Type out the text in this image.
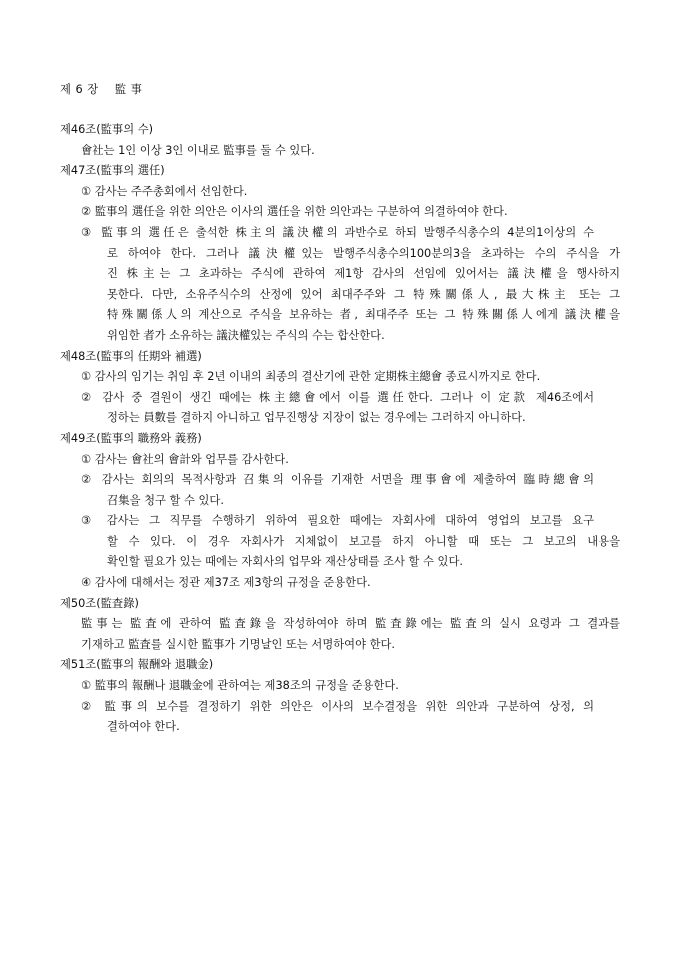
제 6 장 監 事
제46조(監事의 수)
會社는 1인 이상 3인 이내로 監事를 둘 수 있다.
제47조(監事의 選任)
① 감사는 주주총회에서 선임한다.
② 監事의 選任을 위한 의안은 이사의 選任을 위한 의안과는 구분하여 의결하여야 한다.
③ 監事의 選任은 출석한 株主의 議決權의 과반수로 하되 발행주식총수의 4분의1이상의 수
로 하여야 한다. 그러나 議決權있는 발행주식총수의100분의3을 초과하는 수의 주식을 가
진 株主는 그 초과하는 주식에 관하여 제1항 감사의 선임에 있어서는 議決權을 행사하지
못한다. 다만, 소유주식수의 산정에 있어 최대주주와 그 特殊關係人, 最大株主 또는 그
特殊關係人의 계산으로 주식을 보유하는 者, 최대주주 또는 그 特殊關係人에게 議決權을
위임한 者가 소유하는 議決權있는 주식의 수는 합산한다.
제48조(監事의 任期와 補選)
① 감사의 임기는 취임 후 2년 이내의 최종의 결산기에 관한 定期株主總會 종료시까지로 한다.
② 감사 중 결원이 생긴 때에는 株主總會에서 이를 選任한다. 그러나 이 定款 제46조에서
정하는 員數를 결하지 아니하고 업무진행상 지장이 없는 경우에는 그러하지 아니하다.
제49조(監事의 職務와 義務)
① 감사는 會社의 會計와 업무를 감사한다.
② 감사는 회의의 목적사항과 召集의 이유를 기재한 서면을 理事會에 제출하여 臨時總會의
召集을 청구 할 수 있다.
③ 감사는 그 직무를 수행하기 위하여 필요한 때에는 자회사에 대하여 영업의 보고를 요구
할 수 있다. 이 경우 자회사가 지체없이 보고를 하지 아니할 때 또는 그 보고의 내용을
확인할 필요가 있는 때에는 자회사의 업무와 재산상태를 조사 할 수 있다.
④ 감사에 대해서는 정관 제37조 제3항의 규정을 준용한다.
제50조(監査錄)
監事는 監査에 관하여 監査錄을 작성하여야 하며 監査錄에는 監査의 실시 요령과 그 결과를
기재하고 監査를 실시한 監事가 기명날인 또는 서명하여야 한다.
제51조(監事의 報酬와 退職金)
① 監事의 報酬나 退職金에 관하여는 제38조의 규정을 준용한다.
② 監事의 보수를 결정하기 위한 의안은 이사의 보수결정을 위한 의안과 구분하여 상정, 의
결하여야 한다.
